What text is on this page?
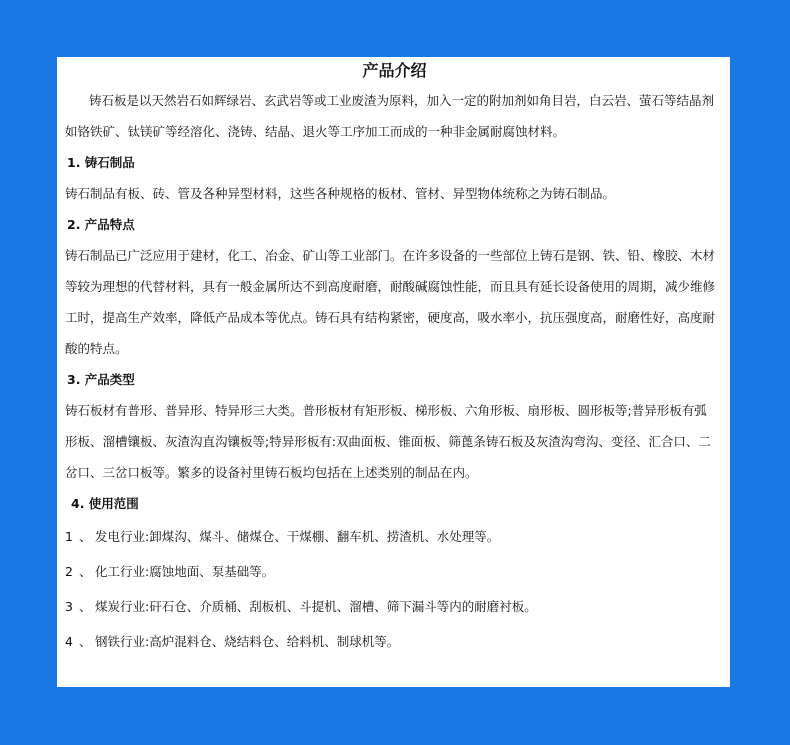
产品介绍

铸石板是以天然岩石如辉绿岩、玄武岩等或工业废渣为原料，加入一定的附加剂如角目岩，白云岩、萤石等结晶剂如铬铁矿、钛镁矿等经溶化、浇铸、结晶、退火等工序加工而成的一种非金属耐腐蚀材料。

1. 铸石制品

铸石制品有板、砖、管及各种异型材料，这些各种规格的板材、管材、异型物体统称之为铸石制品。

2. 产品特点

铸石制品已广泛应用于建材，化工、冶金、矿山等工业部门。在许多设备的一些部位上铸石是钢、铁、铅、橡胶、木材等较为理想的代替材料，具有一般金属所达不到高度耐磨，耐酸碱腐蚀性能，而且具有延长设备使用的周期，减少维修工时，提高生产效率，降低产品成本等优点。铸石具有结构紧密，硬度高，吸水率小，抗压强度高，耐磨性好，高度耐酸的特点。

3. 产品类型

铸石板材有普形、普异形、特异形三大类。普形板材有矩形板、梯形板、六角形板、扇形板、圆形板等;普异形板有弧形板、溜槽镶板、灰渣沟直沟镶板等;特异形板有:双曲面板、锥面板、筛蓖条铸石板及灰渣沟弯沟、变径、汇合口、二岔口、三岔口板等。繁多的设备衬里铸石板均包括在上述类别的制品在内。

4. 使用范围

1 、 发电行业:卸煤沟、煤斗、储煤仓、干煤棚、翻车机、捞渣机、水处理等。

2 、 化工行业:腐蚀地面、泵基础等。

3 、 煤炭行业:矸石仓、介质桶、刮板机、斗提机、溜槽、筛下漏斗等内的耐磨衬板。

4 、 钢铁行业:高炉混料仓、烧结料仓、给料机、制球机等。
